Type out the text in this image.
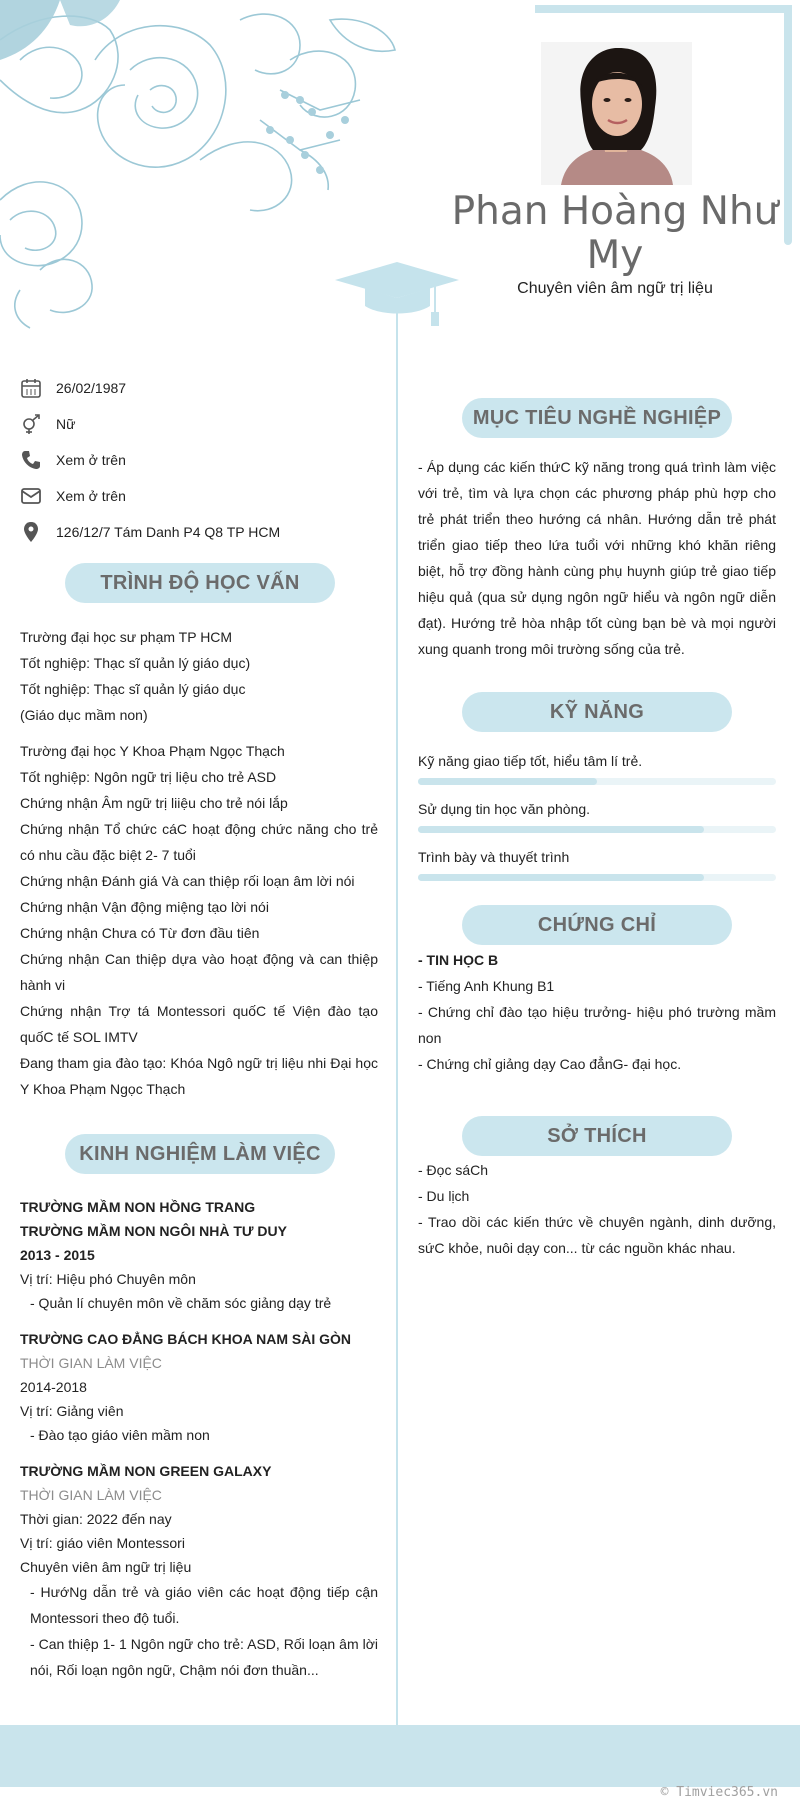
Phan Hoàng Như My
Chuyên viên âm ngữ trị liệu
26/02/1987
Nữ
Xem ở trên
Xem ở trên
126/12/7 Tám Danh P4 Q8 TP HCM
TRÌNH ĐỘ HỌC VẤN

Trường đại học sư phạm TP HCM

Tốt nghiệp: Thạc sĩ quản lý giáo dục)

Tốt nghiệp: Thạc sĩ quản lý giáo dục

(Giáo dục mầm non)

Trường đại học Y Khoa Phạm Ngọc Thạch

Tốt nghiệp: Ngôn ngữ trị liệu cho trẻ ASD

Chứng nhận Âm ngữ trị liiệu cho trẻ nói lắp

Chứng nhận Tổ chức cáC hoạt động chức năng cho trẻ có nhu cầu đặc biệt 2- 7 tuổi

Chứng nhận Đánh giá Và can thiệp rối loạn âm lời nói

Chứng nhận Vận động miệng tạo lời nói

Chứng nhận Chưa có Từ đơn đầu tiên

Chứng nhận Can thiệp dựa vào hoạt động và can thiệp hành vi

Chứng nhận Trợ tá Montessori quốC tế Viện đào tạo quốC tế SOL IMTV

Đang tham gia đào tạo: Khóa Ngô ngữ trị liệu nhi Đại học Y Khoa Phạm Ngọc Thạch

KINH NGHIỆM LÀM VIỆC

TRƯỜNG MẦM NON HỒNG TRANG

TRƯỜNG MẦM NON NGÔI NHÀ TƯ DUY

2013 - 2015

Vị trí: Hiệu phó Chuyên môn

- Quản lí chuyên môn về chăm sóc giảng dạy trẻ

TRƯỜNG CAO ĐẲNG BÁCH KHOA NAM SÀI GÒN

THỜI GIAN LÀM VIỆC

2014-2018

Vị trí: Giảng viên

- Đào tạo giáo viên mầm non

TRƯỜNG MẦM NON GREEN GALAXY

THỜI GIAN LÀM VIỆC

Thời gian: 2022 đến nay

Vị trí: giáo viên Montessori

Chuyên viên âm ngữ trị liệu

- HướNg dẫn trẻ và giáo viên các hoạt động tiếp cận Montessori theo độ tuổi.

- Can thiệp 1- 1 Ngôn ngữ cho trẻ: ASD, Rối loạn âm lời nói, Rối loạn ngôn ngữ, Chậm nói đơn thuần...

MỤC TIÊU NGHỀ NGHIỆP

- Áp dụng các kiến thứC kỹ năng trong quá trình làm việc với trẻ, tìm và lựa chọn các phương pháp phù hợp cho trẻ phát triển theo hướng cá nhân. Hướng dẫn trẻ phát triển giao tiếp theo lứa tuổi với những khó khăn riêng biệt, hỗ trợ đồng hành cùng phụ huynh giúp trẻ giao tiếp hiệu quả (qua sử dụng ngôn ngữ hiểu và ngôn ngữ diễn đạt). Hướng trẻ hòa nhập tốt cùng bạn bè và mọi người xung quanh trong môi trường sống của trẻ.

KỸ NĂNG
Kỹ năng giao tiếp tốt, hiểu tâm lí trẻ.
Sử dụng tin học văn phòng.
Trình bày và thuyết trình
CHỨNG CHỈ

- TIN HỌC B

- Tiếng Anh Khung B1

- Chứng chỉ đào tạo hiệu trưởng- hiệu phó trường mầm non

- Chứng chỉ giảng dạy Cao đẳnG- đại học.

SỞ THÍCH

- Đọc sáCh

- Du lịch

- Trao dồi các kiến thức về chuyên ngành, dinh dưỡng, sứC khỏe, nuôi dạy con... từ các nguồn khác nhau.

© Timviec365.vn
